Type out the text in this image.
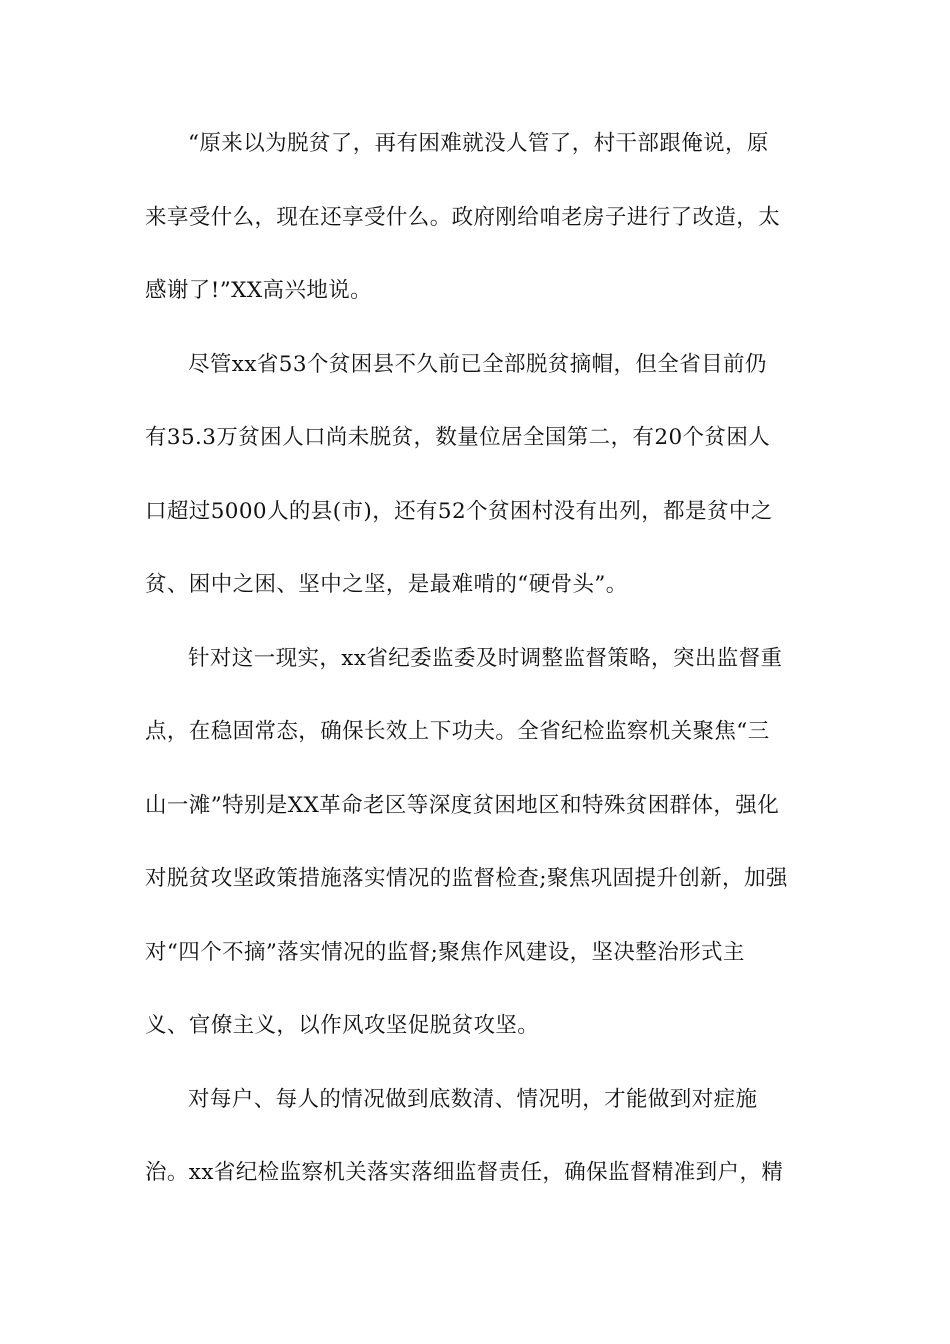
“原来以为脱贫了，再有困难就没人管了，村干部跟俺说，原
来享受什么，现在还享受什么。政府刚给咱老房子进行了改造，太
感谢了!”XX高兴地说。
尽管xx省53个贫困县不久前已全部脱贫摘帽，但全省目前仍
有35.3万贫困人口尚未脱贫，数量位居全国第二，有20个贫困人
口超过5000人的县(市)，还有52个贫困村没有出列，都是贫中之
贫、困中之困、坚中之坚，是最难啃的“硬骨头”。
针对这一现实，xx省纪委监委及时调整监督策略，突出监督重
点，在稳固常态，确保长效上下功夫。全省纪检监察机关聚焦“三
山一滩”特别是XX革命老区等深度贫困地区和特殊贫困群体，强化
对脱贫攻坚政策措施落实情况的监督检查;聚焦巩固提升创新，加强
对“四个不摘”落实情况的监督;聚焦作风建设，坚决整治形式主
义、官僚主义，以作风攻坚促脱贫攻坚。
对每户、每人的情况做到底数清、情况明，才能做到对症施
治。xx省纪检监察机关落实落细监督责任，确保监督精准到户，精
